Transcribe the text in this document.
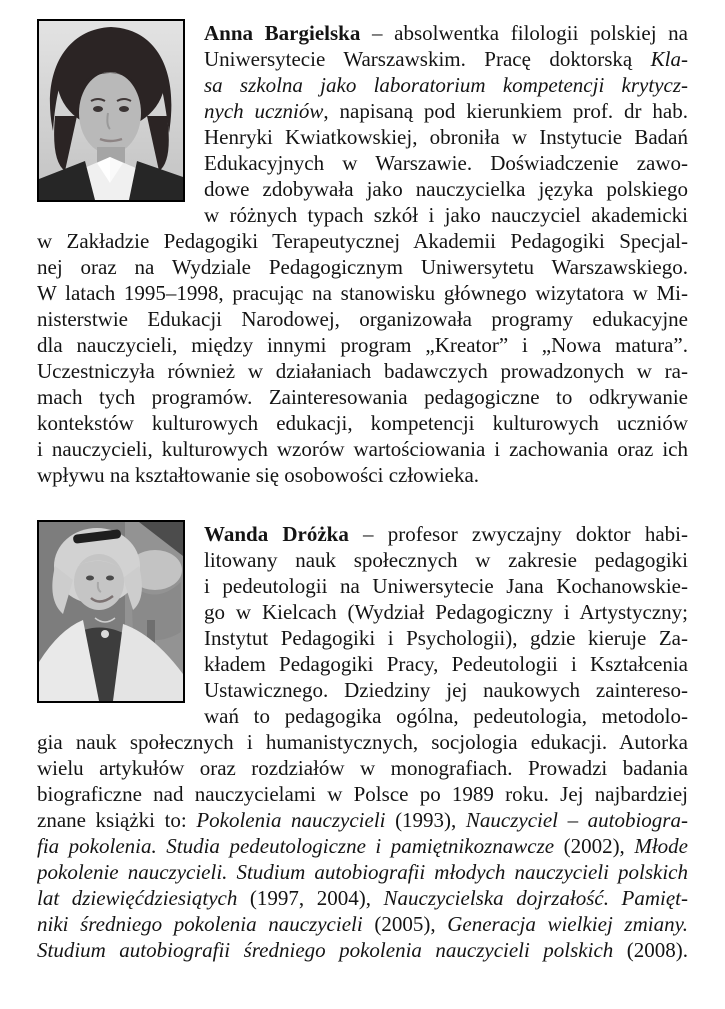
Anna Bargielska – absolwentka filologii polskiej na
Uniwersytecie Warszawskim. Pracę doktorską Kla-
sa szkolna jako laboratorium kompetencji krytycz-
nych uczniów, napisaną pod kierunkiem prof. dr hab.
Henryki Kwiatkowskiej, obroniła w Instytucie Badań
Edukacyjnych w Warszawie. Doświadczenie zawo-
dowe zdobywała jako nauczycielka języka polskiego
w różnych typach szkół i jako nauczyciel akademicki
w Zakładzie Pedagogiki Terapeutycznej Akademii Pedagogiki Specjal-
nej oraz na Wydziale Pedagogicznym Uniwersytetu Warszawskiego.
W latach 1995–1998, pracując na stanowisku głównego wizytatora w Mi-
nisterstwie Edukacji Narodowej, organizowała programy edukacyjne
dla nauczycieli, między innymi program „Kreator” i „Nowa matura”.
Uczestniczyła również w działaniach badawczych prowadzonych w ra-
mach tych programów. Zainteresowania pedagogiczne to odkrywanie
kontekstów kulturowych edukacji, kompetencji kulturowych uczniów
i nauczycieli, kulturowych wzorów wartościowania i zachowania oraz ich
wpływu na kształtowanie się osobowości człowieka.
Wanda Dróżka – profesor zwyczajny doktor habi-
litowany nauk społecznych w zakresie pedagogiki
i pedeutologii na Uniwersytecie Jana Kochanowskie-
go w Kielcach (Wydział Pedagogiczny i Artystyczny;
Instytut Pedagogiki i Psychologii), gdzie kieruje Za-
kładem Pedagogiki Pracy, Pedeutologii i Kształcenia
Ustawicznego. Dziedziny jej naukowych zaintereso-
wań to pedagogika ogólna, pedeutologia, metodolo-
gia nauk społecznych i humanistycznych, socjologia edukacji. Autorka
wielu artykułów oraz rozdziałów w monografiach. Prowadzi badania
biograficzne nad nauczycielami w Polsce po 1989 roku. Jej najbardziej
znane książki to: Pokolenia nauczycieli (1993), Nauczyciel – autobiogra-
fia pokolenia. Studia pedeutologiczne i pamiętnikoznawcze (2002), Młode
pokolenie nauczycieli. Studium autobiografii młodych nauczycieli polskich
lat dziewięćdziesiątych (1997, 2004), Nauczycielska dojrzałość. Pamięt-
niki średniego pokolenia nauczycieli (2005), Generacja wielkiej zmiany.
Studium autobiografii średniego pokolenia nauczycieli polskich (2008).
